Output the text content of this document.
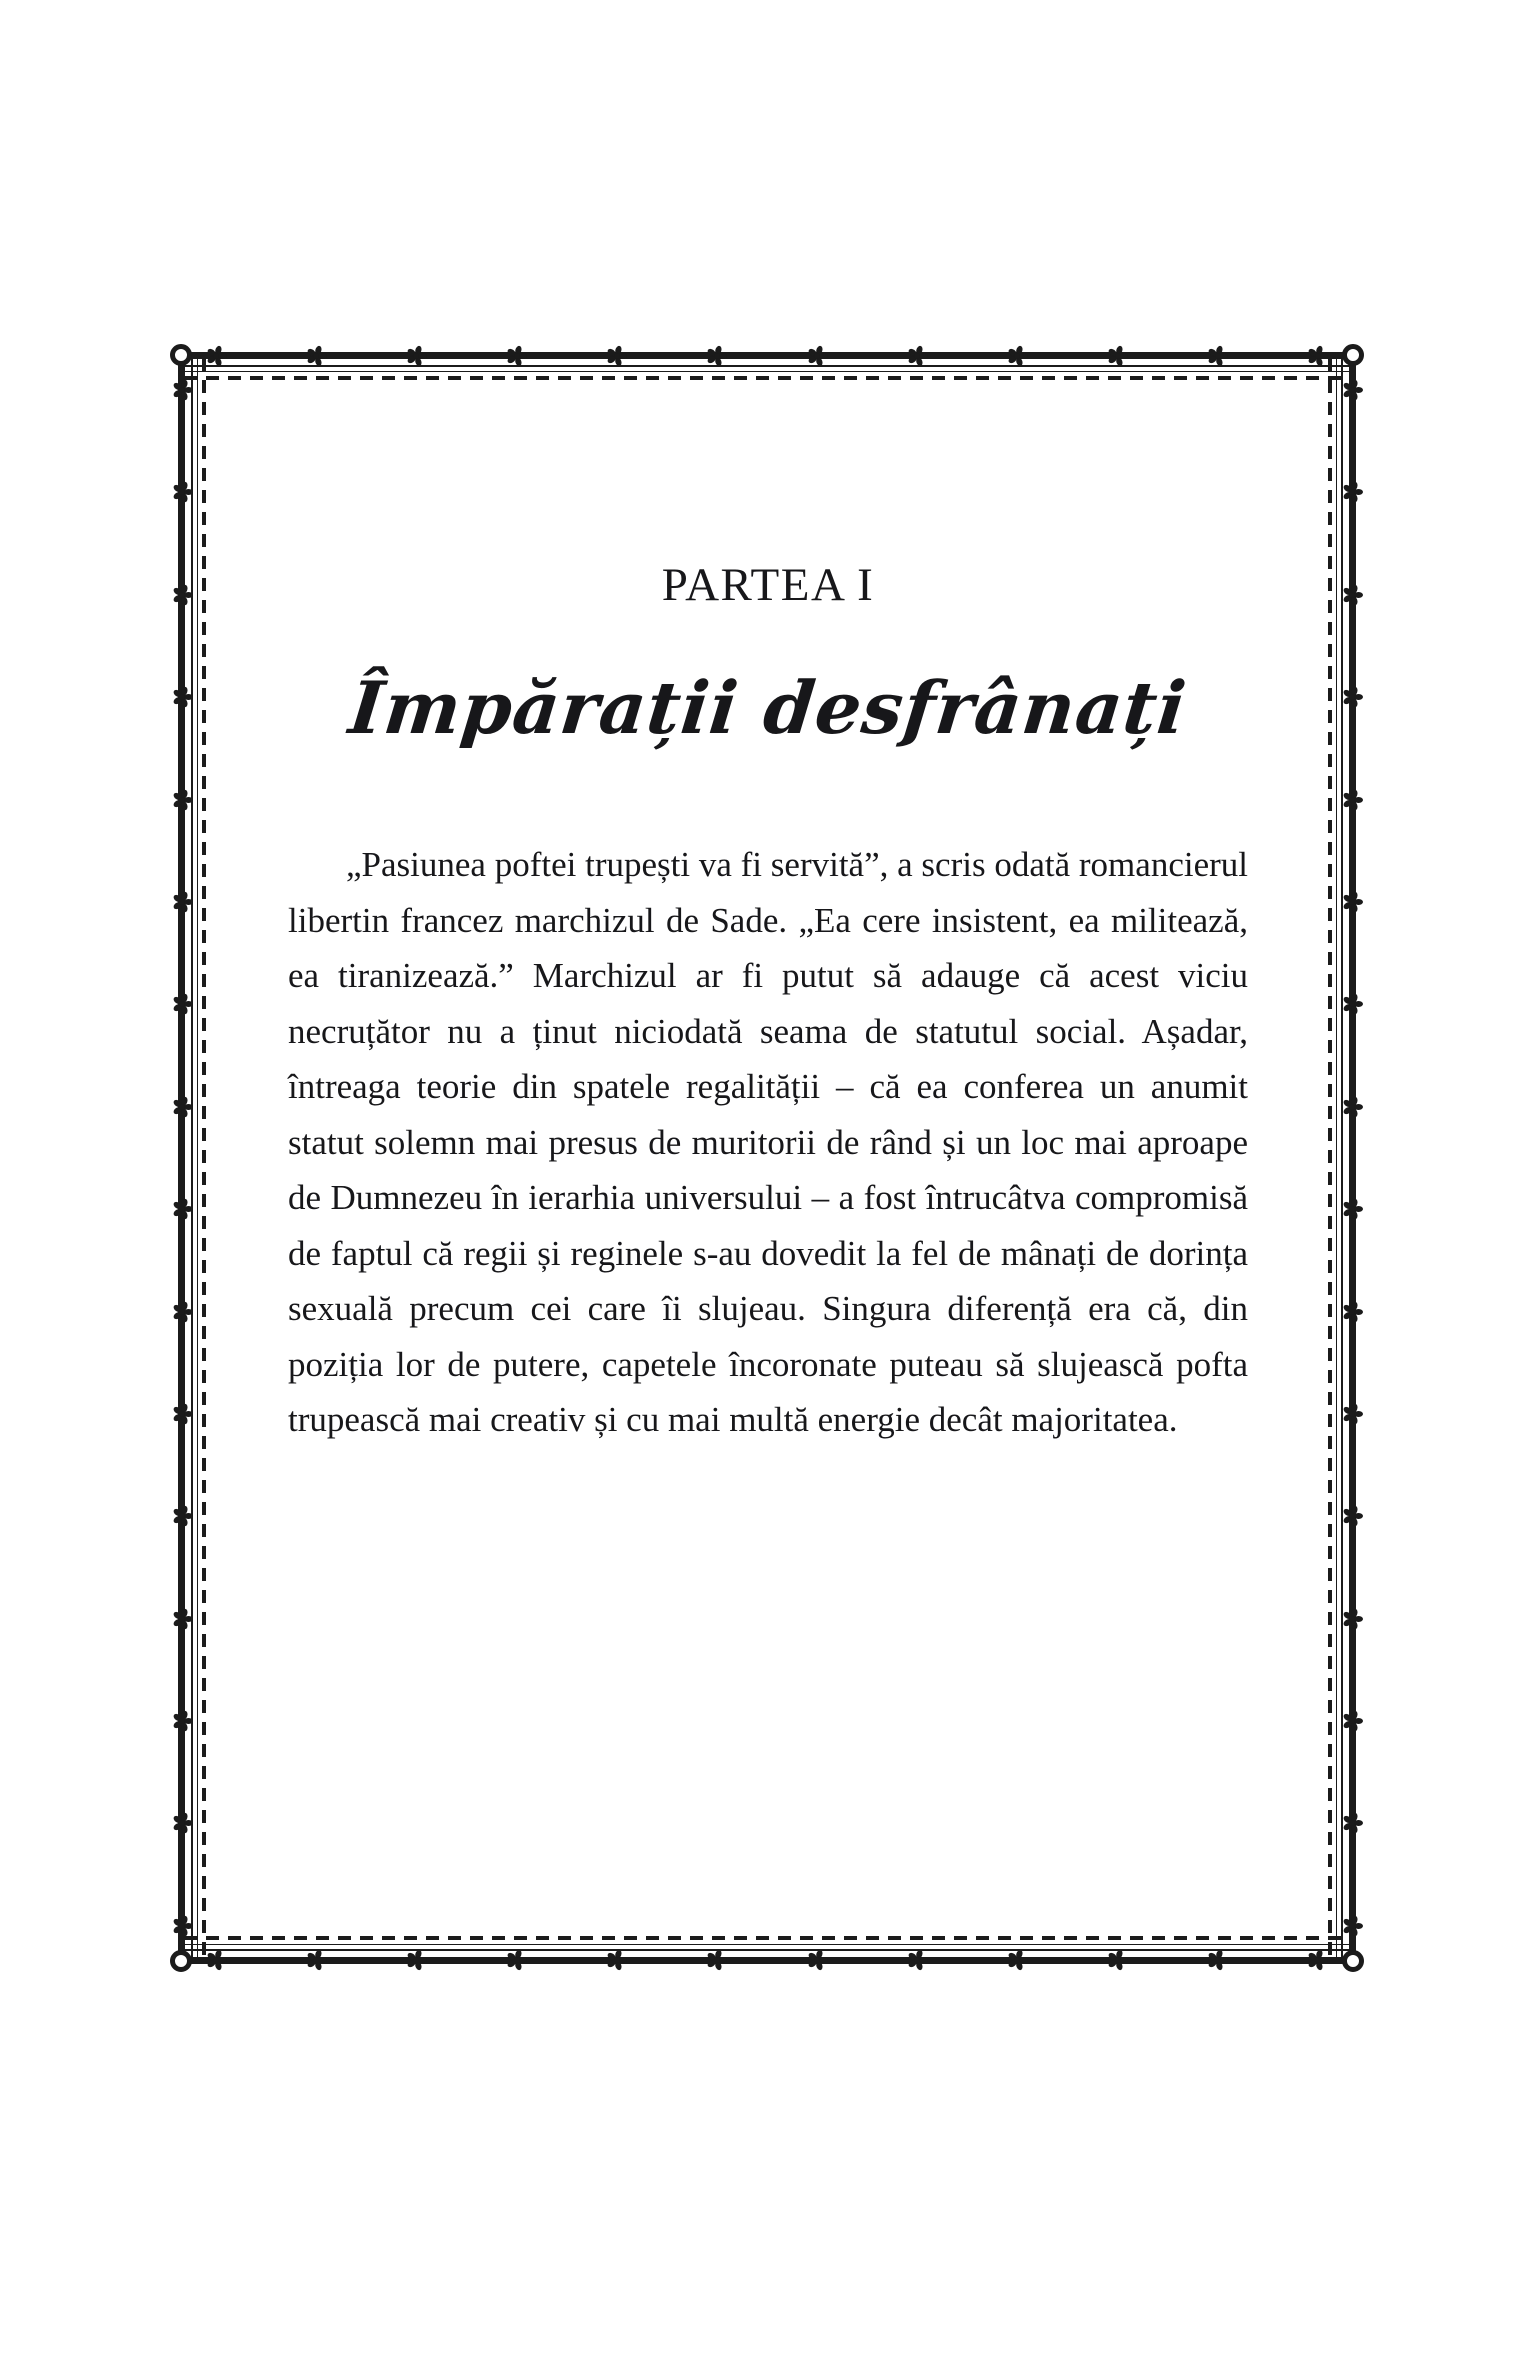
PARTEA I
Împărații desfrânați

„Pasiunea poftei trupești va fi servită”, a scris odată romancierul libertin francez marchizul de Sade. „Ea cere insistent, ea militează, ea tiranizează.” Marchizul ar fi putut să adauge că acest viciu necruțător nu a ținut niciodată seama de statutul social. Așadar, întreaga teorie din spatele regalității – că ea conferea un anumit statut solemn mai presus de muritorii de rând și un loc mai aproape de Dumnezeu în ierarhia universului – a fost întrucâtva compromisă de faptul că regii și reginele s-au dovedit la fel de mânați de dorința sexuală precum cei care îi slujeau. Singura diferență era că, din poziția lor de putere, capetele încoronate puteau să slujească pofta trupească mai creativ și cu mai multă energie decât majoritatea.
